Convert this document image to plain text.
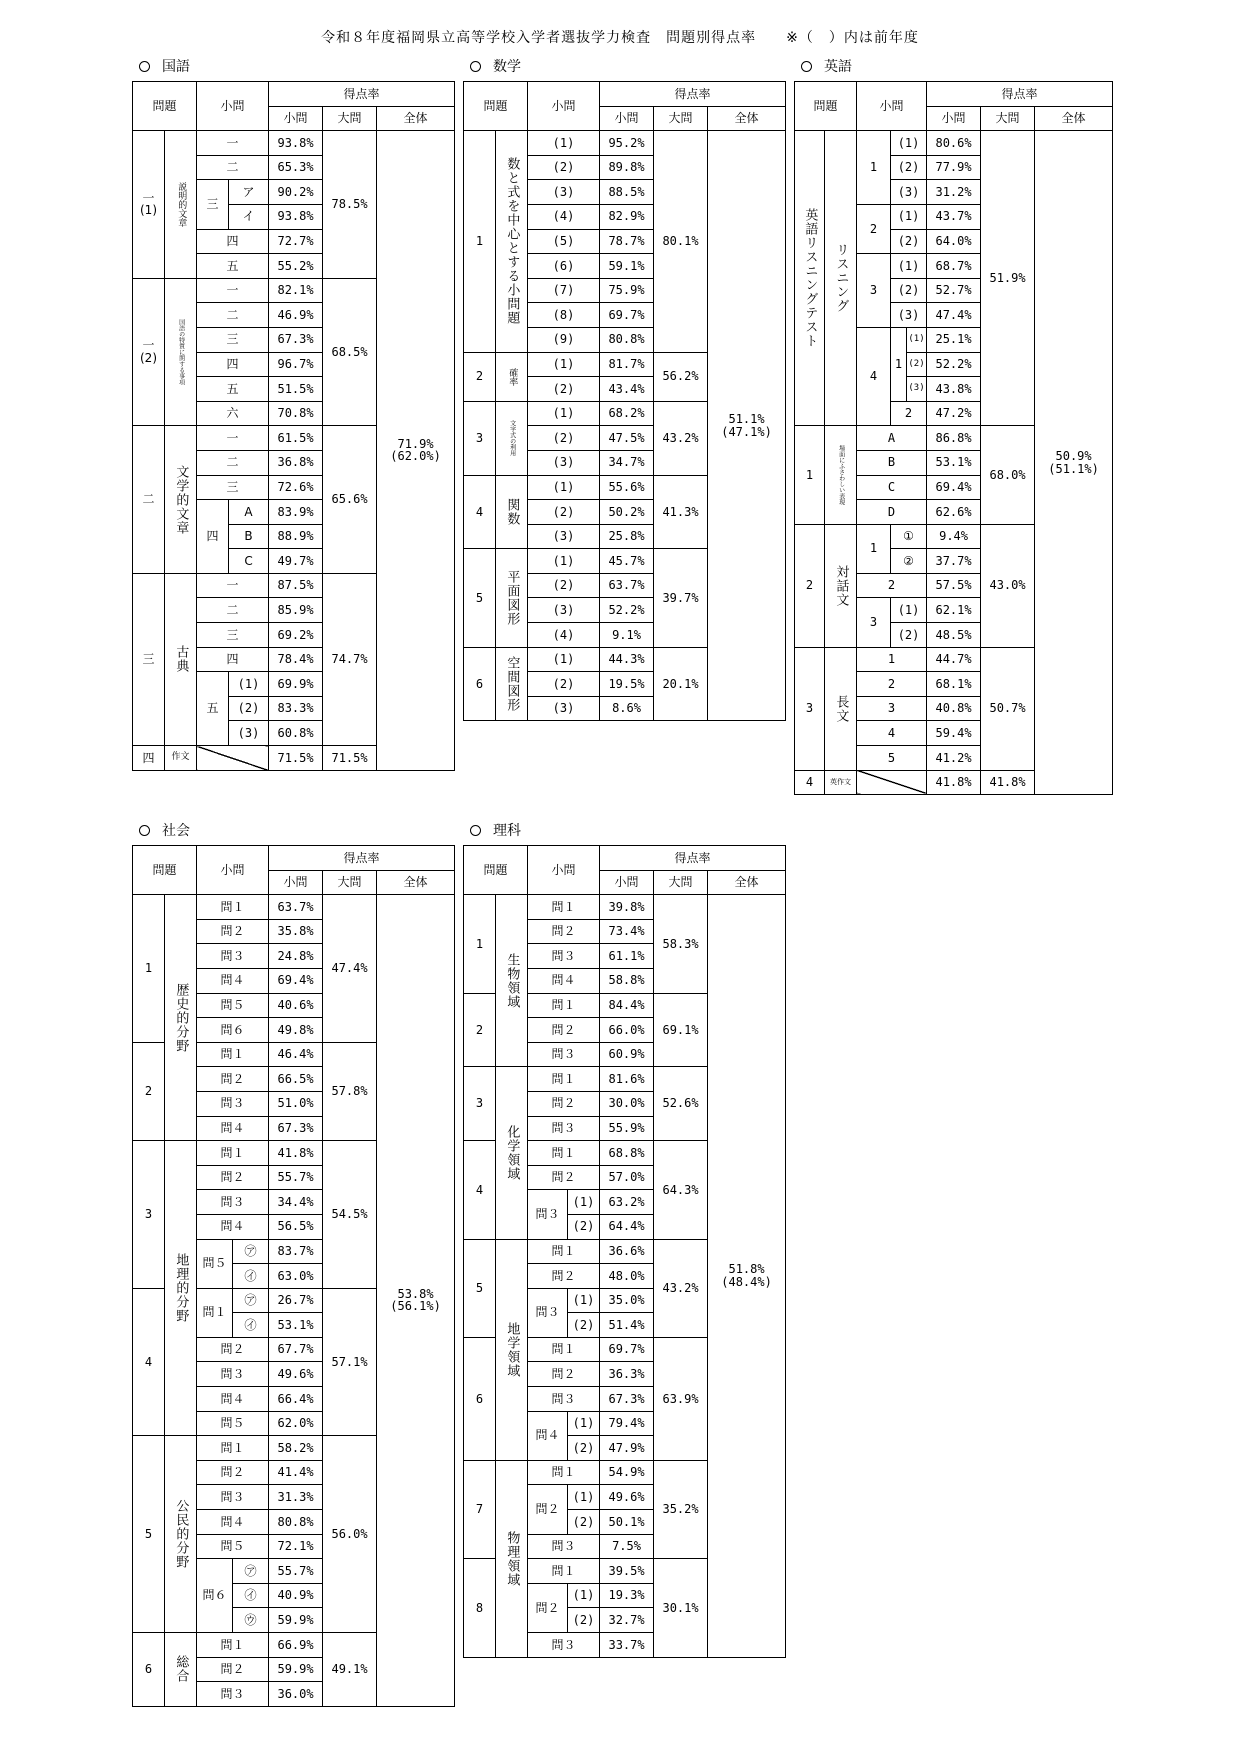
令和８年度福岡県立高等学校入学者選抜学力検査　問題別得点率　　※（　）内は前年度
国語
問題		小問		得点率		
				小問	大問	全体
一
(1)	説明的文章	一		93.8%	78.5%	71.9%
(62.0%)
		二		65.3%		
		三	ア	90.2%		
			イ	93.8%		
		四		72.7%		
		五		55.2%		
一
(2)	国語の特質に関する事項	一		82.1%	68.5%	
		二		46.9%		
		三		67.3%		
		四		96.7%		
		五		51.5%		
		六		70.8%		
二	文学的文章	一		61.5%	65.6%	
		二		36.8%		
		三		72.6%		
		四	A	83.9%		
			B	88.9%		
			C	49.7%		
三	古典	一		87.5%	74.7%	
		二		85.9%		
		三		69.2%		
		四		78.4%		
		五	(1)	69.9%		
			(2)	83.3%		
			(3)	60.8%		
四	作文			71.5%	71.5%	
数学
問題		小問	得点率		
			小問	大問	全体
1	数と式を中心とする小問題	(1)	95.2%	80.1%	51.1%
(47.1%)
		(2)	89.8%		
		(3)	88.5%		
		(4)	82.9%		
		(5)	78.7%		
		(6)	59.1%		
		(7)	75.9%		
		(8)	69.7%		
		(9)	80.8%		
2	確率	(1)	81.7%	56.2%	
		(2)	43.4%		
3	文字式の利用	(1)	68.2%	43.2%	
		(2)	47.5%		
		(3)	34.7%		
4	関数	(1)	55.6%	41.3%	
		(2)	50.2%		
		(3)	25.8%		
5	平面図形	(1)	45.7%	39.7%	
		(2)	63.7%		
		(3)	52.2%		
		(4)	9.1%		
6	空間図形	(1)	44.3%	20.1%	
		(2)	19.5%		
		(3)	8.6%		
英語
問題		小問			得点率		
					小問	大問	全体
英語リスニングテスト	リスニング	1	(1)		80.6%	51.9%	50.9%
(51.1%)
			(2)		77.9%		
			(3)		31.2%		
		2	(1)		43.7%		
			(2)		64.0%		
		3	(1)		68.7%		
			(2)		52.7%		
			(3)		47.4%		
		4	1	(1)	25.1%		
				(2)	52.2%		
				(3)	43.8%		
			2		47.2%		
1	場面にふさわしい表現	A			86.8%	68.0%	
		B			53.1%		
		C			69.4%		
		D			62.6%		
2	対話文	1	①		9.4%	43.0%	
			②		37.7%		
		2			57.5%		
		3	(1)		62.1%		
			(2)		48.5%		
3	長文	1			44.7%	50.7%	
		2			68.1%		
		3			40.8%		
		4			59.4%		
		5			41.2%		
4	英作文				41.8%	41.8%	
社会
問題		小問		得点率		
				小問	大問	全体
1	歴史的分野	問１		63.7%	47.4%	53.8%
(56.1%)
		問２		35.8%		
		問３		24.8%		
		問４		69.4%		
		問５		40.6%		
		問６		49.8%		
2		問１		46.4%	57.8%	
		問２		66.5%		
		問３		51.0%		
		問４		67.3%		
3	地理的分野	問１		41.8%	54.5%	
		問２		55.7%		
		問３		34.4%		
		問４		56.5%		
		問５	㋐	83.7%		
			㋑	63.0%		
4		問１	㋐	26.7%	57.1%	
			㋑	53.1%		
		問２		67.7%		
		問３		49.6%		
		問４		66.4%		
		問５		62.0%		
5	公民的分野	問１		58.2%	56.0%	
		問２		41.4%		
		問３		31.3%		
		問４		80.8%		
		問５		72.1%		
		問６	㋐	55.7%		
			㋑	40.9%		
			㋒	59.9%		
6	総合	問１		66.9%	49.1%	
		問２		59.9%		
		問３		36.0%		
理科
問題		小問		得点率		
				小問	大問	全体
1	生物領域	問１		39.8%	58.3%	51.8%
(48.4%)
		問２		73.4%		
		問３		61.1%		
		問４		58.8%		
2		問１		84.4%	69.1%	
		問２		66.0%		
		問３		60.9%		
3	化学領域	問１		81.6%	52.6%	
		問２		30.0%		
		問３		55.9%		
4		問１		68.8%	64.3%	
		問２		57.0%		
		問３	(1)	63.2%		
			(2)	64.4%		
5	地学領域	問１		36.6%	43.2%	
		問２		48.0%		
		問３	(1)	35.0%		
			(2)	51.4%		
6		問１		69.7%	63.9%	
		問２		36.3%		
		問３		67.3%		
		問４	(1)	79.4%		
			(2)	47.9%		
7	物理領域	問１		54.9%	35.2%	
		問２	(1)	49.6%		
			(2)	50.1%		
		問３		7.5%		
8		問１		39.5%	30.1%	
		問２	(1)	19.3%		
			(2)	32.7%		
		問３		33.7%		
